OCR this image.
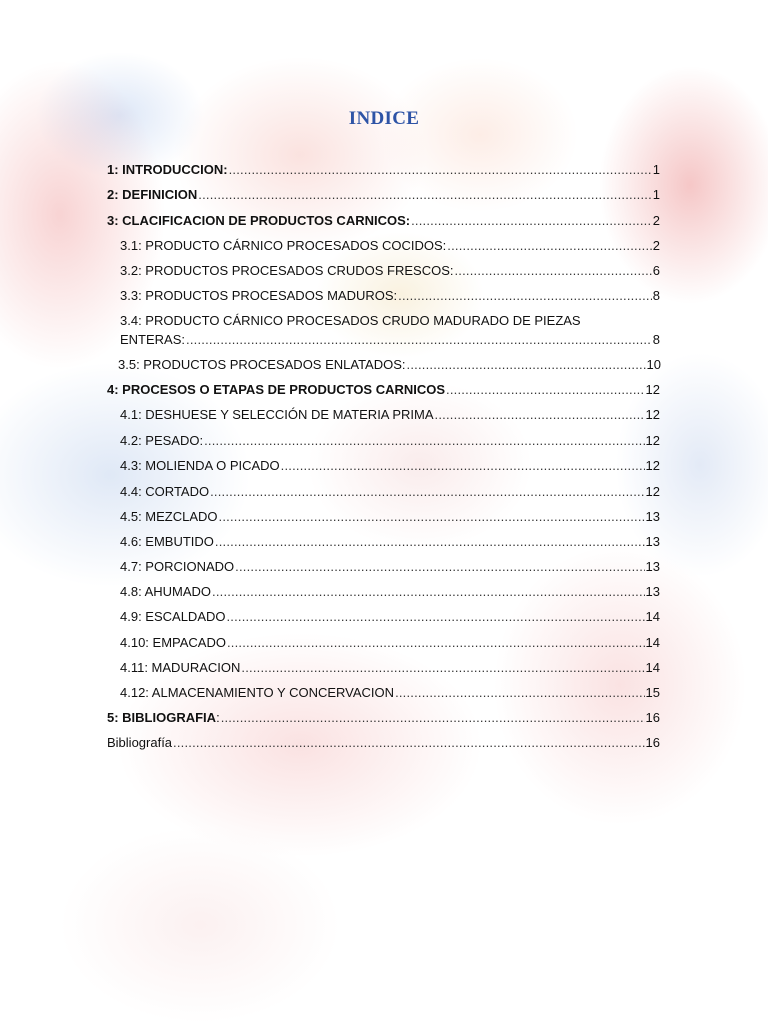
INDICE
1: INTRODUCCION: .....	1
2: DEFINICION .....	1
3: CLACIFICACION DE PRODUCTOS CARNICOS: .....	2
3.1: PRODUCTO CÁRNICO PROCESADOS COCIDOS: .....	2
3.2: PRODUCTOS PROCESADOS CRUDOS FRESCOS: .....	6
3.3: PRODUCTOS PROCESADOS MADUROS: .....	8
3.4: PRODUCTO CÁRNICO PROCESADOS CRUDO MADURADO DE PIEZAS
ENTERAS: .....	8
3.5: PRODUCTOS PROCESADOS ENLATADOS: .....	10
4: PROCESOS O ETAPAS DE PRODUCTOS CARNICOS .....	12
4.1: DESHUESE Y SELECCIÓN DE MATERIA PRIMA .....	12
4.2: PESADO: .....	12
4.3: MOLIENDA O PICADO .....	12
4.4: CORTADO .....	12
4.5: MEZCLADO .....	13
4.6: EMBUTIDO .....	13
4.7: PORCIONADO .....	13
4.8: AHUMADO .....	13
4.9: ESCALDADO .....	14
4.10: EMPACADO .....	14
4.11: MADURACION .....	14
4.12: ALMACENAMIENTO Y CONCERVACION .....	15
5: BIBLIOGRAFIA : .....	16
Bibliografía .....	16
